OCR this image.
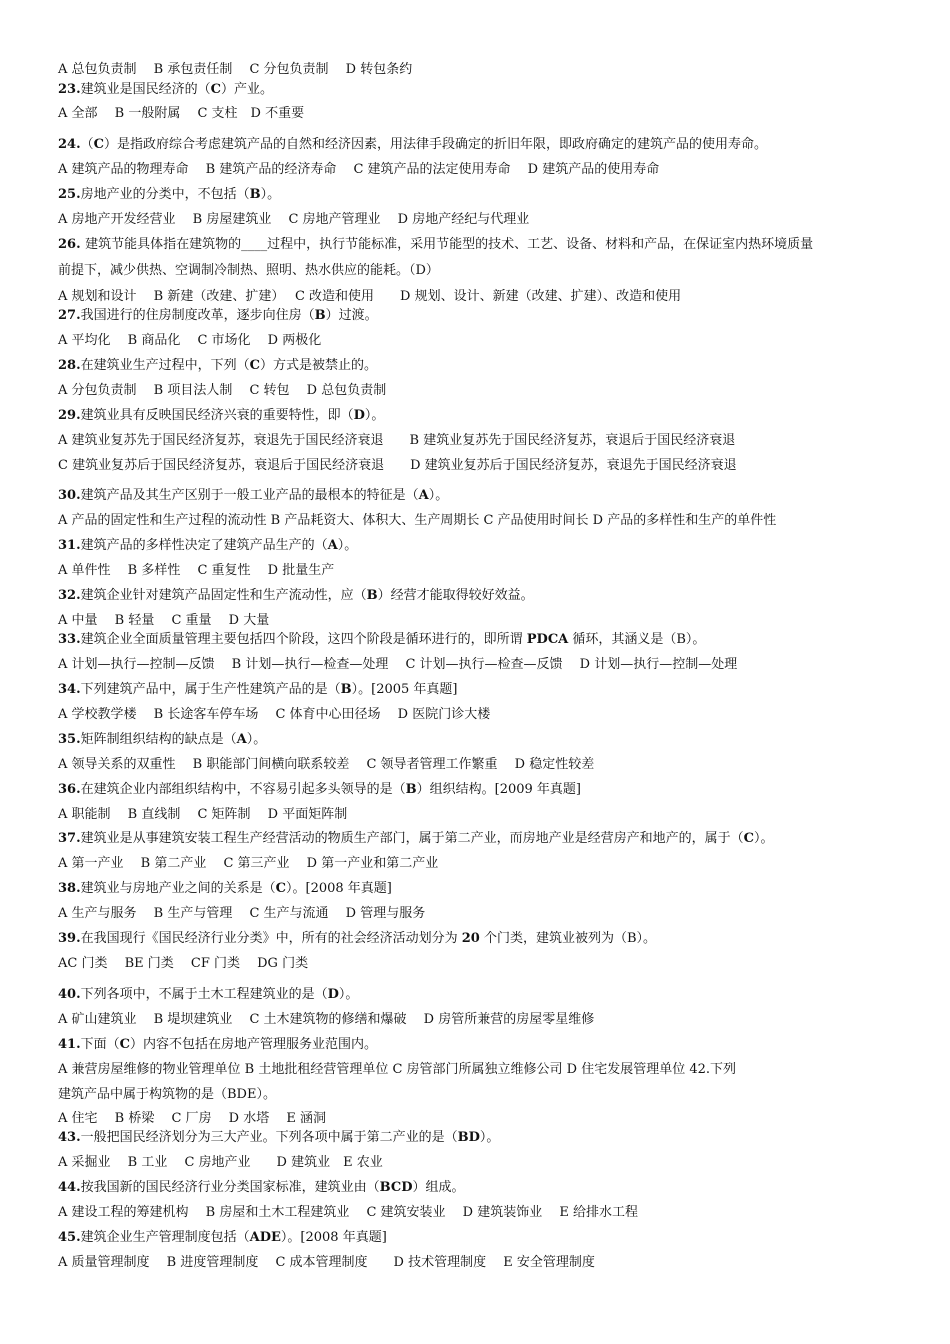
A 总包负责制　 B 承包责任制　 C 分包负责制　 D 转包条约
23.建筑业是国民经济的（C）产业。
A 全部　 B 一般附属　 C 支柱　D 不重要
24.（C）是指政府综合考虑建筑产品的自然和经济因素，用法律手段确定的折旧年限，即政府确定的建筑产品的使用寿命。
A 建筑产品的物理寿命　 B 建筑产品的经济寿命　 C 建筑产品的法定使用寿命　 D 建筑产品的使用寿命
25.房地产业的分类中，不包括（B）。
A 房地产开发经营业　 B 房屋建筑业　 C 房地产管理业　 D 房地产经纪与代理业
26. 建筑节能具体指在建筑物的____过程中，执行节能标准，采用节能型的技术、工艺、设备、材料和产品，在保证室内热环境质量
前提下，减少供热、空调制冷制热、照明、热水供应的能耗。（D）
A 规划和设计　 B 新建（改建、扩建）　 C 改造和使用　　D 规划、设计、新建（改建、扩建）、改造和使用
27.我国进行的住房制度改革，逐步向住房（B）过渡。
A 平均化　 B 商品化　 C 市场化　 D 两极化
28.在建筑业生产过程中，下列（C）方式是被禁止的。
A 分包负责制　 B 项目法人制　 C 转包　 D 总包负责制
29.建筑业具有反映国民经济兴衰的重要特性，即（D）。
A 建筑业复苏先于国民经济复苏，衰退先于国民经济衰退　　B 建筑业复苏先于国民经济复苏，衰退后于国民经济衰退
C 建筑业复苏后于国民经济复苏，衰退后于国民经济衰退　　D 建筑业复苏后于国民经济复苏，衰退先于国民经济衰退
30.建筑产品及其生产区别于一般工业产品的最根本的特征是（A）。
A 产品的固定性和生产过程的流动性 B 产品耗资大、体积大、生产周期长 C 产品使用时间长 D 产品的多样性和生产的单件性
31.建筑产品的多样性决定了建筑产品生产的（A）。
A 单件性　 B 多样性　 C 重复性　 D 批量生产
32.建筑企业针对建筑产品固定性和生产流动性，应（B）经营才能取得较好效益。
A 中量　 B 轻量　 C 重量　 D 大量
33.建筑企业全面质量管理主要包括四个阶段，这四个阶段是循环进行的，即所谓 PDCA 循环，其涵义是（B）。
A 计划—执行—控制—反馈　 B 计划—执行—检查—处理　 C 计划—执行—检查—反馈　 D 计划—执行—控制—处理
34.下列建筑产品中，属于生产性建筑产品的是（B）。[2005 年真题]
A 学校教学楼　 B 长途客车停车场　 C 体育中心田径场　 D 医院门诊大楼
35.矩阵制组织结构的缺点是（A）。
A 领导关系的双重性　 B 职能部门间横向联系较差　 C 领导者管理工作繁重　 D 稳定性较差
36.在建筑企业内部组织结构中，不容易引起多头领导的是（B）组织结构。[2009 年真题]
A 职能制　 B 直线制　 C 矩阵制　 D 平面矩阵制
37.建筑业是从事建筑安装工程生产经营活动的物质生产部门，属于第二产业，而房地产业是经营房产和地产的，属于（C）。
A 第一产业　 B 第二产业　 C 第三产业　 D 第一产业和第二产业
38.建筑业与房地产业之间的关系是（C）。[2008 年真题]
A 生产与服务　 B 生产与管理　 C 生产与流通　 D 管理与服务
39.在我国现行《国民经济行业分类》中，所有的社会经济活动划分为 20 个门类，建筑业被列为（B）。
AC 门类　 BE 门类　 CF 门类　 DG 门类
40.下列各项中，不属于土木工程建筑业的是（D）。
A 矿山建筑业　 B 堤坝建筑业　 C 土木建筑物的修缮和爆破　 D 房管所兼营的房屋零星维修
41.下面（C）内容不包括在房地产管理服务业范围内。
A 兼营房屋维修的物业管理单位 B 土地批租经营管理单位 C 房管部门所属独立维修公司 D 住宅发展管理单位 42.下列
建筑产品中属于构筑物的是（BDE）。
A 住宅　 B 桥梁　 C 厂房　 D 水塔　 E 涵洞
43.一般把国民经济划分为三大产业。下列各项中属于第二产业的是（BD）。
A 采掘业　 B 工业　 C 房地产业　　D 建筑业　E 农业
44.按我国新的国民经济行业分类国家标准，建筑业由（BCD）组成。
A 建设工程的筹建机构　 B 房屋和土木工程建筑业　 C 建筑安装业　 D 建筑装饰业　 E 给排水工程
45.建筑企业生产管理制度包括（ADE）。[2008 年真题]
A 质量管理制度　 B 进度管理制度　 C 成本管理制度　　D 技术管理制度　 E 安全管理制度
